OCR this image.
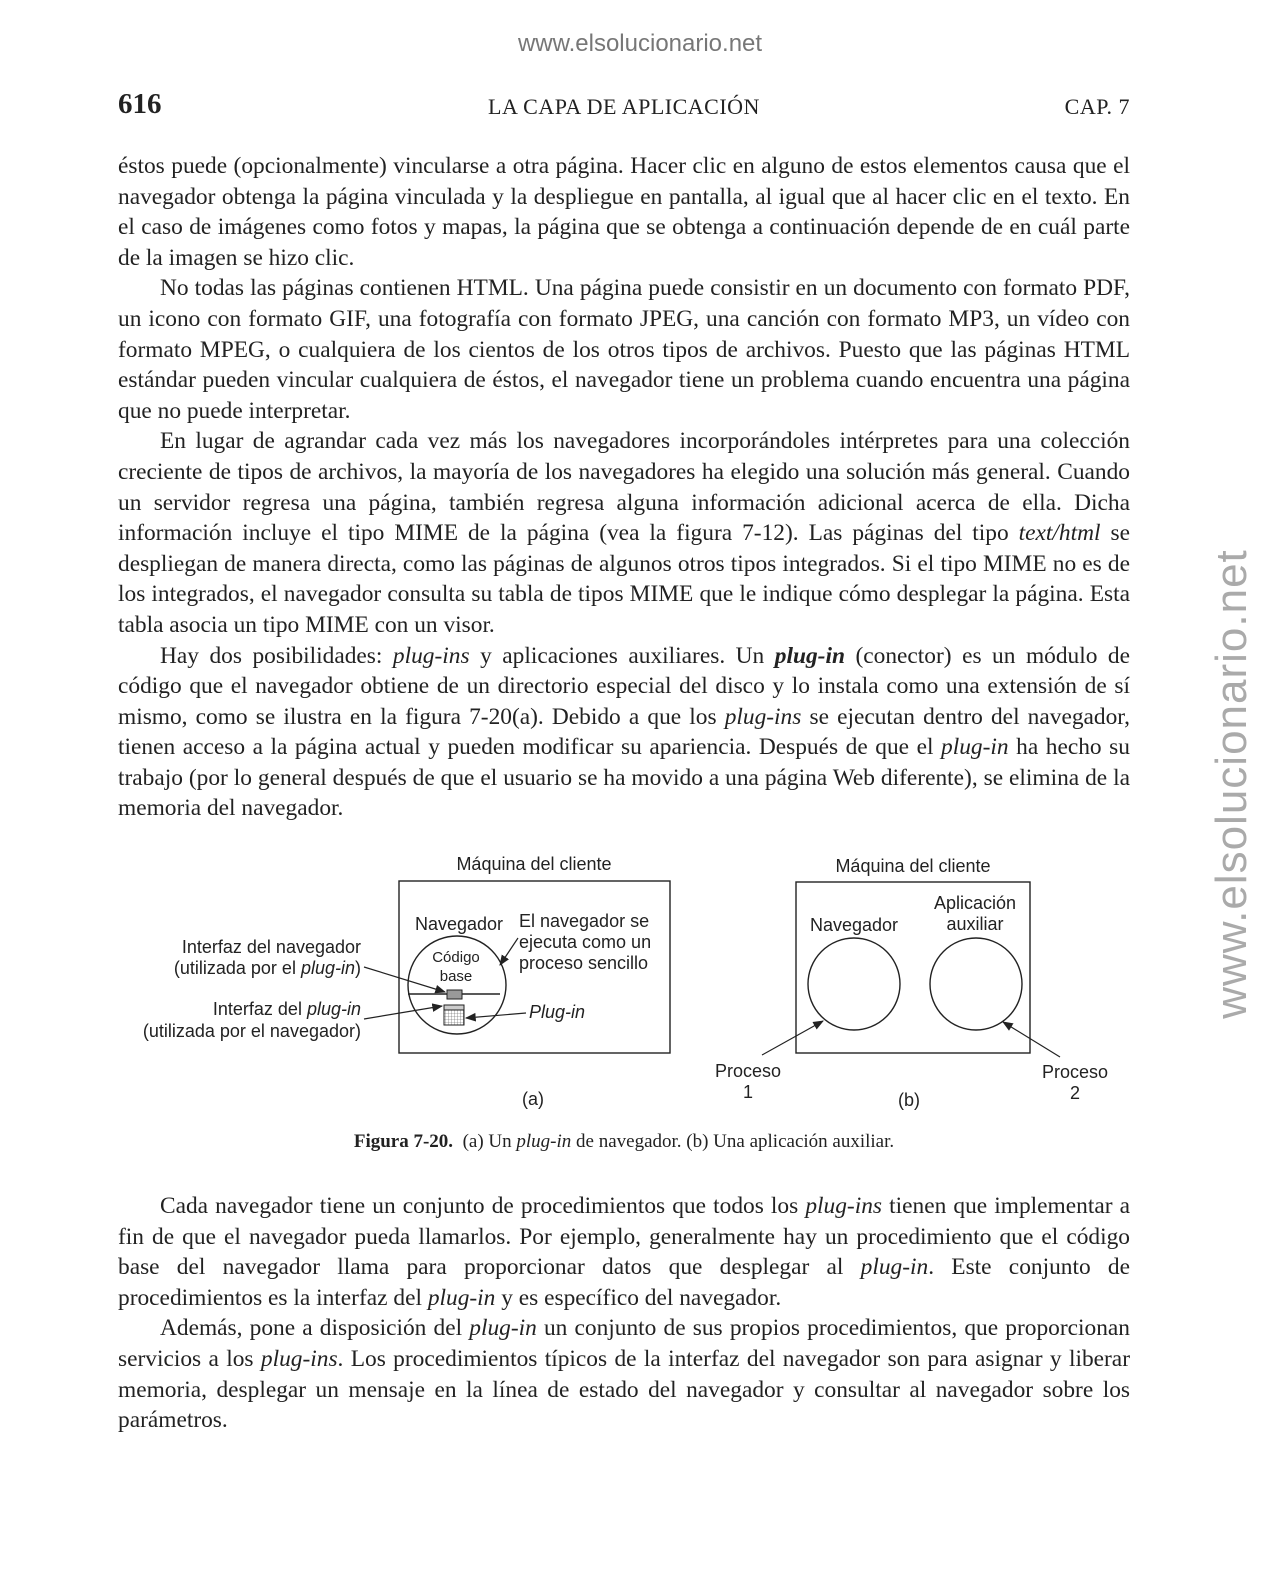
www.elsolucionario.net
www.elsolucionario.net
LA CAPA DE APLICACIÓN
616	CAP. 7

éstos puede (opcionalmente) vincularse a otra página. Hacer clic en alguno de estos elementos causa que el navegador obtenga la página vinculada y la despliegue en pantalla, al igual que al hacer clic en el texto. En el caso de imágenes como fotos y mapas, la página que se obtenga a continuación depende de en cuál parte de la imagen se hizo clic.

No todas las páginas contienen HTML. Una página puede consistir en un documento con formato PDF, un icono con formato GIF, una fotografía con formato JPEG, una canción con formato MP3, un vídeo con formato MPEG, o cualquiera de los cientos de los otros tipos de archivos. Puesto que las páginas HTML estándar pueden vincular cualquiera de éstos, el navegador tiene un problema cuando encuentra una página que no puede interpretar.

En lugar de agrandar cada vez más los navegadores incorporándoles intérpretes para una colección creciente de tipos de archivos, la mayoría de los navegadores ha elegido una solución más general. Cuando un servidor regresa una página, también regresa alguna información adicional acerca de ella. Dicha información incluye el tipo MIME de la página (vea la figura 7-12). Las páginas del tipo text/html se despliegan de manera directa, como las páginas de algunos otros tipos integrados. Si el tipo MIME no es de los integrados, el navegador consulta su tabla de tipos MIME que le indique cómo desplegar la página. Esta tabla asocia un tipo MIME con un visor.

Hay dos posibilidades: plug-ins y aplicaciones auxiliares. Un plug-in (conector) es un módulo de código que el navegador obtiene de un directorio especial del disco y lo instala como una extensión de sí mismo, como se ilustra en la figura 7-20(a). Debido a que los plug-ins se ejecutan dentro del navegador, tienen acceso a la página actual y pueden modificar su apariencia. Después de que el plug-in ha hecho su trabajo (por lo general después de que el usuario se ha movido a una página Web diferente), se elimina de la memoria del navegador.

Máquina del cliente
Navegador
Código
base
El navegador se
ejecuta como un
proceso sencillo
Interfaz del navegador
(utilizada por el plug-in)
Interfaz del plug-in
(utilizada por el navegador)
Plug-in
(a)
Máquina del cliente
Navegador
Aplicación
auxiliar
Proceso
1
Proceso
2
(b)
Figura 7-20. (a) Un plug-in de navegador. (b) Una aplicación auxiliar.

Cada navegador tiene un conjunto de procedimientos que todos los plug-ins tienen que implementar a fin de que el navegador pueda llamarlos. Por ejemplo, generalmente hay un procedimiento que el código base del navegador llama para proporcionar datos que desplegar al plug-in. Este conjunto de procedimientos es la interfaz del plug-in y es específico del navegador.

Además, pone a disposición del plug-in un conjunto de sus propios procedimientos, que proporcionan servicios a los plug-ins. Los procedimientos típicos de la interfaz del navegador son para asignar y liberar memoria, desplegar un mensaje en la línea de estado del navegador y consultar al navegador sobre los parámetros.
